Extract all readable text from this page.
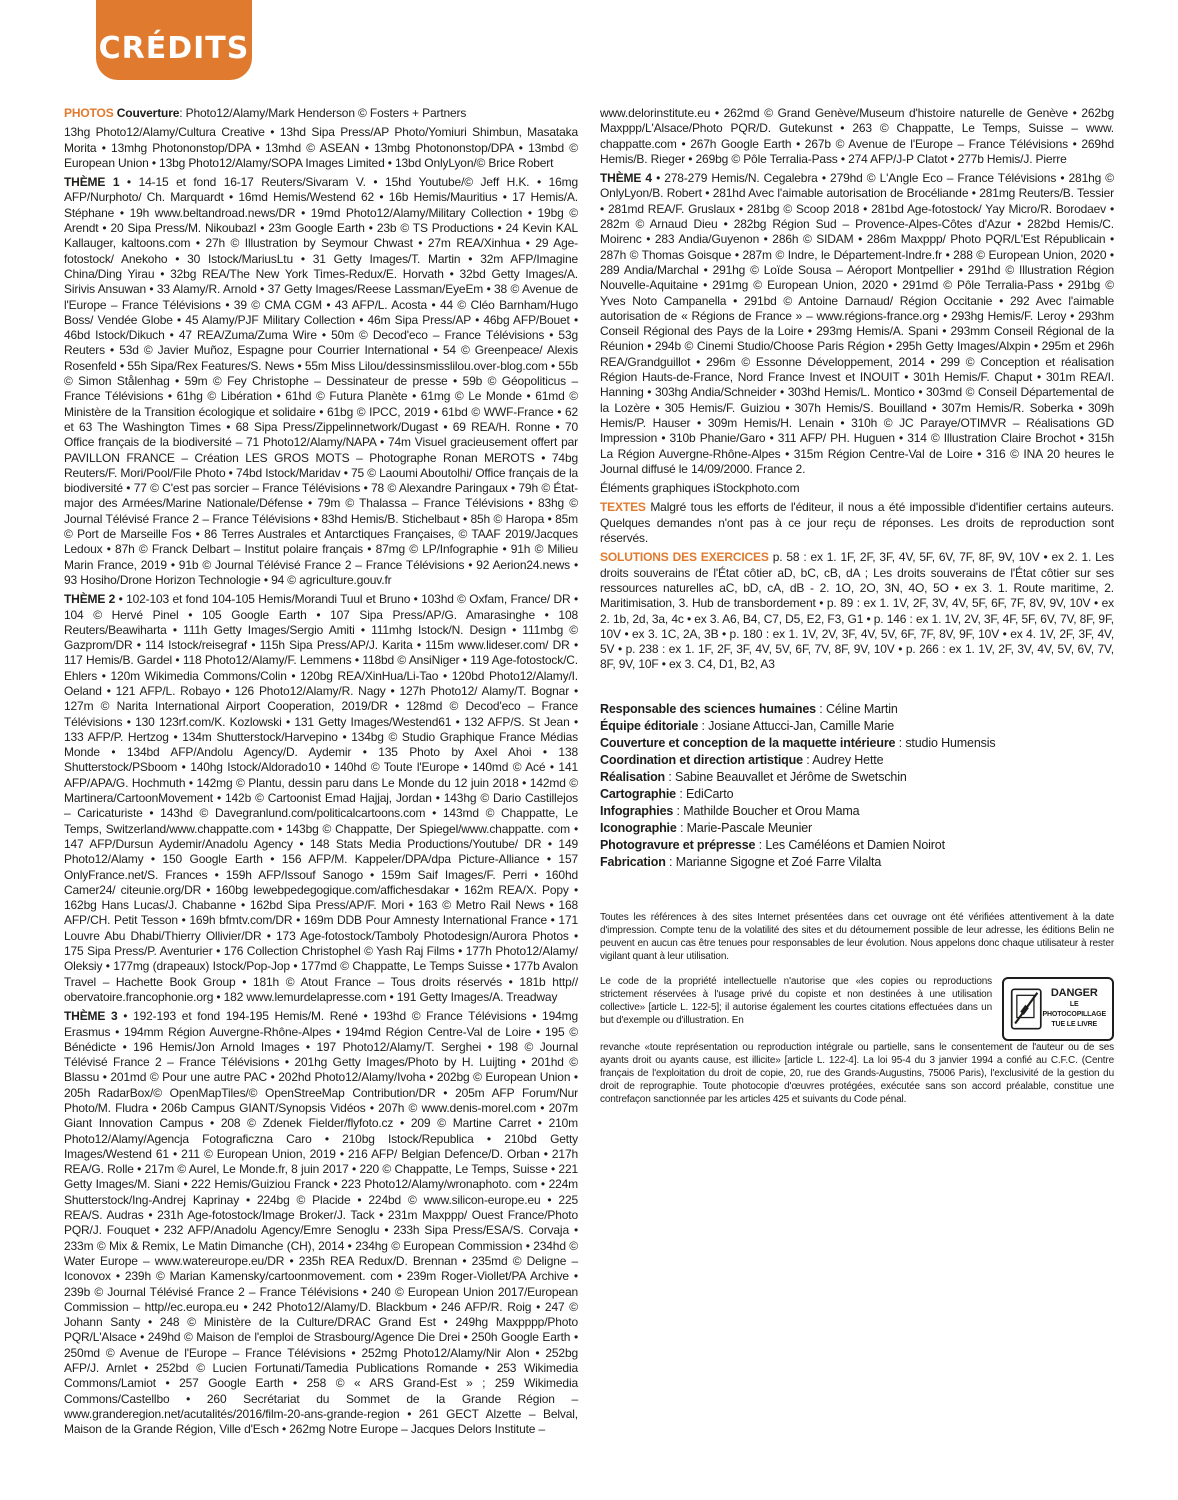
CRÉDITS

PHOTOS Couverture: Photo12/Alamy/Mark Henderson © Fosters + Partners

13hg Photo12/Alamy/Cultura Creative • 13hd Sipa Press/AP Photo/Yomiuri Shimbun, Masataka Morita • 13mhg Photononstop/DPA • 13mhd © ASEAN • 13mbg Photononstop/DPA • 13mbd © European Union • 13bg Photo12/Alamy/SOPA Images Limited • 13bd OnlyLyon/© Brice Robert

THÈME 1 • 14-15 et fond 16-17 Reuters/Sivaram V. • 15hd Youtube/© Jeff H.K. • 16mg AFP/Nurphoto/ Ch. Marquardt • 16md Hemis/Westend 62 • 16b Hemis/Mauritius • 17 Hemis/A. Stéphane • 19h www.beltandroad.news/DR • 19md Photo12/Alamy/Military Collection • 19bg © Arendt • 20 Sipa Press/M. Nikoubazl • 23m Google Earth • 23b © TS Productions • 24 Kevin KAL Kallauger, kaltoons.com • 27h © Illustration by Seymour Chwast • 27m REA/Xinhua • 29 Age-fotostock/ Anekoho • 30 Istock/MariusLtu • 31 Getty Images/T. Martin • 32m AFP/Imagine China/Ding Yirau • 32bg REA/The New York Times-Redux/E. Horvath • 32bd Getty Images/A. Sirivis Ansuwan • 33 Alamy/R. Arnold • 37 Getty Images/Reese Lassman/EyeEm • 38 © Avenue de l'Europe – France Télévisions • 39 © CMA CGM • 43 AFP/L. Acosta • 44 © Cléo Barnham/Hugo Boss/ Vendée Globe • 45 Alamy/PJF Military Collection • 46m Sipa Press/AP • 46bg AFP/Bouet • 46bd Istock/Dikuch • 47 REA/Zuma/Zuma Wire • 50m © Decod'eco – France Télévisions • 53g Reuters • 53d © Javier Muñoz, Espagne pour Courrier International • 54 © Greenpeace/ Alexis Rosenfeld • 55h Sipa/Rex Features/S. News • 55m Miss Lilou/dessinsmisslilou.over-blog.com • 55b © Simon Stålenhag • 59m © Fey Christophe – Dessinateur de presse • 59b © Géopoliticus – France Télévisions • 61hg © Libération • 61hd © Futura Planète • 61mg © Le Monde • 61md © Ministère de la Transition écologique et solidaire • 61bg © IPCC, 2019 • 61bd © WWF-France • 62 et 63 The Washington Times • 68 Sipa Press/Zippelinnetwork/Dugast • 69 REA/H. Ronne • 70 Office français de la biodiversité – 71 Photo12/Alamy/NAPA • 74m Visuel gracieusement offert par PAVILLON FRANCE – Création LES GROS MOTS – Photographe Ronan MEROTS • 74bg Reuters/F. Mori/Pool/File Photo • 74bd Istock/Maridav • 75 © Laoumi Aboutolhi/ Office français de la biodiversité • 77 © C'est pas sorcier – France Télévisions • 78 © Alexandre Paringaux • 79h © État-major des Armées/Marine Nationale/Défense • 79m © Thalassa – France Télévisions • 83hg © Journal Télévisé France 2 – France Télévisions • 83hd Hemis/B. Stichelbaut • 85h © Haropa • 85m © Port de Marseille Fos • 86 Terres Australes et Antarctiques Françaises, © TAAF 2019/Jacques Ledoux • 87h © Franck Delbart – Institut polaire français • 87mg © LP/Infographie • 91h © Milieu Marin France, 2019 • 91b © Journal Télévisé France 2 – France Télévisions • 92 Aerion24.news • 93 Hosiho/Drone Horizon Technologie • 94 © agriculture.gouv.fr

THÈME 2 • 102-103 et fond 104-105 Hemis/Morandi Tuul et Bruno • 103hd © Oxfam, France/ DR • 104 © Hervé Pinel • 105 Google Earth • 107 Sipa Press/AP/G. Amarasinghe • 108 Reuters/Beawiharta • 111h Getty Images/Sergio Amiti • 111mhg Istock/N. Design • 111mbg © Gazprom/DR • 114 Istock/reisegraf • 115h Sipa Press/AP/J. Karita • 115m www.lideser.com/ DR • 117 Hemis/B. Gardel • 118 Photo12/Alamy/F. Lemmens • 118bd © AnsiNiger • 119 Age-fotostock/C. Ehlers • 120m Wikimedia Commons/Colin • 120bg REA/XinHua/Li-Tao • 120bd Photo12/Alamy/I. Oeland • 121 AFP/L. Robayo • 126 Photo12/Alamy/R. Nagy • 127h Photo12/ Alamy/T. Bognar • 127m © Narita International Airport Cooperation, 2019/DR • 128md © Decod'eco – France Télévisions • 130 123rf.com/K. Kozlowski • 131 Getty Images/Westend61 • 132 AFP/S. St Jean • 133 AFP/P. Hertzog • 134m Shutterstock/Harvepino • 134bg © Studio Graphique France Médias Monde • 134bd AFP/Andolu Agency/D. Aydemir • 135 Photo by Axel Ahoi • 138 Shutterstock/PSboom • 140hg Istock/Aldorado10 • 140hd © Toute l'Europe • 140md © Acé • 141 AFP/APA/G. Hochmuth • 142mg © Plantu, dessin paru dans Le Monde du 12 juin 2018 • 142md © Martinera/CartoonMovement • 142b © Cartoonist Emad Hajjaj, Jordan • 143hg © Dario Castillejos – Caricaturiste • 143hd © Davegranlund.com/politicalcartoons.com • 143md © Chappatte, Le Temps, Switzerland/www.chappatte.com • 143bg © Chappatte, Der Spiegel/www.chappatte. com • 147 AFP/Dursun Aydemir/Anadolu Agency • 148 Stats Media Productions/Youtube/ DR • 149 Photo12/Alamy • 150 Google Earth • 156 AFP/M. Kappeler/DPA/dpa Picture-Alliance • 157 OnlyFrance.net/S. Frances • 159h AFP/Issouf Sanogo • 159m Saif Images/F. Perri • 160hd Camer24/ citeunie.org/DR • 160bg lewebpedegogique.com/affichesdakar • 162m REA/X. Popy • 162bg Hans Lucas/J. Chabanne • 162bd Sipa Press/AP/F. Mori • 163 © Metro Rail News • 168 AFP/CH. Petit Tesson • 169h bfmtv.com/DR • 169m DDB Pour Amnesty International France • 171 Louvre Abu Dhabi/Thierry Ollivier/DR • 173 Age-fotostock/Tamboly Photodesign/Aurora Photos • 175 Sipa Press/P. Aventurier • 176 Collection Christophel © Yash Raj Films • 177h Photo12/Alamy/ Oleksiy • 177mg (drapeaux) Istock/Pop-Jop • 177md © Chappatte, Le Temps Suisse • 177b Avalon Travel – Hachette Book Group • 181h © Atout France – Tous droits réservés • 181b http// obervatoire.francophonie.org • 182 www.lemurdelapresse.com • 191 Getty Images/A. Treadway

THÈME 3 • 192-193 et fond 194-195 Hemis/M. René • 193hd © France Télévisions • 194mg Erasmus • 194mm Région Auvergne-Rhône-Alpes • 194md Région Centre-Val de Loire • 195 © Bénédicte • 196 Hemis/Jon Arnold Images • 197 Photo12/Alamy/T. Serghei • 198 © Journal Télévisé France 2 – France Télévisions • 201hg Getty Images/Photo by H. Luijting • 201hd © Blassu • 201md © Pour une autre PAC • 202hd Photo12/Alamy/Ivoha • 202bg © European Union • 205h RadarBox/© OpenMapTiles/© OpenStreeMap Contribution/DR • 205m AFP Forum/Nur Photo/M. Fludra • 206b Campus GIANT/Synopsis Vidéos • 207h © www.denis-morel.com • 207m Giant Innovation Campus • 208 © Zdenek Fielder/flyfoto.cz • 209 © Martine Carret • 210m Photo12/Alamy/Agencja Fotograficzna Caro • 210bg Istock/Republica • 210bd Getty Images/Westend 61 • 211 © European Union, 2019 • 216 AFP/ Belgian Defence/D. Orban • 217h REA/G. Rolle • 217m © Aurel, Le Monde.fr, 8 juin 2017 • 220 © Chappatte, Le Temps, Suisse • 221 Getty Images/M. Siani • 222 Hemis/Guiziou Franck • 223 Photo12/Alamy/wronaphoto. com • 224m Shutterstock/Ing-Andrej Kaprinay • 224bg © Placide • 224bd © www.silicon-europe.eu • 225 REA/S. Audras • 231h Age-fotostock/Image Broker/J. Tack • 231m Maxppp/ Ouest France/Photo PQR/J. Fouquet • 232 AFP/Anadolu Agency/Emre Senoglu • 233h Sipa Press/ESA/S. Corvaja • 233m © Mix & Remix, Le Matin Dimanche (CH), 2014 • 234hg © European Commission • 234hd © Water Europe – www.watereurope.eu/DR • 235h REA Redux/D. Brennan • 235md © Deligne – Iconovox • 239h © Marian Kamensky/cartoonmovement. com • 239m Roger-Viollet/PA Archive • 239b © Journal Télévisé France 2 – France Télévisions • 240 © European Union 2017/European Commission – http//ec.europa.eu • 242 Photo12/Alamy/D. Blackbum • 246 AFP/R. Roig • 247 © Johann Santy • 248 © Ministère de la Culture/DRAC Grand Est • 249hg Maxpppp/Photo PQR/L'Alsace • 249hd © Maison de l'emploi de Strasbourg/Agence Die Drei • 250h Google Earth • 250md © Avenue de l'Europe – France Télévisions • 252mg Photo12/Alamy/Nir Alon • 252bg AFP/J. Arnlet • 252bd © Lucien Fortunati/Tamedia Publications Romande • 253 Wikimedia Commons/Lamiot • 257 Google Earth • 258 © « ARS Grand-Est » ; 259 Wikimedia Commons/Castellbo • 260 Secrétariat du Sommet de la Grande Région – www.granderegion.net/acutalités/2016/film-20-ans-grande-region • 261 GECT Alzette – Belval, Maison de la Grande Région, Ville d'Esch • 262mg Notre Europe – Jacques Delors Institute –

www.delorinstitute.eu • 262md © Grand Genève/Museum d'histoire naturelle de Genève • 262bg Maxppp/L'Alsace/Photo PQR/D. Gutekunst • 263 © Chappatte, Le Temps, Suisse – www. chappatte.com • 267h Google Earth • 267b © Avenue de l'Europe – France Télévisions • 269hd Hemis/B. Rieger • 269bg © Pôle Terralia-Pass • 274 AFP/J-P Clatot • 277b Hemis/J. Pierre

THÈME 4 • 278-279 Hemis/N. Cegalebra • 279hd © L'Angle Eco – France Télévisions • 281hg © OnlyLyon/B. Robert • 281hd Avec l'aimable autorisation de Brocéliande • 281mg Reuters/B. Tessier • 281md REA/F. Gruslaux • 281bg © Scoop 2018 • 281bd Age-fotostock/ Yay Micro/R. Borodaev • 282m © Arnaud Dieu • 282bg Région Sud – Provence-Alpes-Côtes d'Azur • 282bd Hemis/C. Moirenc • 283 Andia/Guyenon • 286h © SIDAM • 286m Maxppp/ Photo PQR/L'Est Républicain • 287h © Thomas Goisque • 287m © Indre, le Département-Indre.fr • 288 © European Union, 2020 • 289 Andia/Marchal • 291hg © Loïde Sousa – Aéroport Montpellier • 291hd © Illustration Région Nouvelle-Aquitaine • 291mg © European Union, 2020 • 291md © Pôle Terralia-Pass • 291bg © Yves Noto Campanella • 291bd © Antoine Darnaud/ Région Occitanie • 292 Avec l'aimable autorisation de « Régions de France » – www.régions-france.org • 293hg Hemis/F. Leroy • 293hm Conseil Régional des Pays de la Loire • 293mg Hemis/A. Spani • 293mm Conseil Régional de la Réunion • 294b © Cinemi Studio/Choose Paris Région • 295h Getty Images/Alxpin • 295m et 296h REA/Grandguillot • 296m © Essonne Développement, 2014 • 299 © Conception et réalisation Région Hauts-de-France, Nord France Invest et INOUIT • 301h Hemis/F. Chaput • 301m REA/I. Hanning • 303hg Andia/Schneider • 303hd Hemis/L. Montico • 303md © Conseil Départemental de la Lozère • 305 Hemis/F. Guiziou • 307h Hemis/S. Bouilland • 307m Hemis/R. Soberka • 309h Hemis/P. Hauser • 309m Hemis/H. Lenain • 310h © JC Paraye/OTIMVR – Réalisations GD Impression • 310b Phanie/Garo • 311 AFP/ PH. Huguen • 314 © Illustration Claire Brochot • 315h La Région Auvergne-Rhône-Alpes • 315m Région Centre-Val de Loire • 316 © INA 20 heures le Journal diffusé le 14/09/2000. France 2.

Éléments graphiques iStockphoto.com

TEXTES Malgré tous les efforts de l'éditeur, il nous a été impossible d'identifier certains auteurs. Quelques demandes n'ont pas à ce jour reçu de réponses. Les droits de reproduction sont réservés.

SOLUTIONS DES EXERCICES p. 58 : ex 1. 1F, 2F, 3F, 4V, 5F, 6V, 7F, 8F, 9V, 10V • ex 2. 1. Les droits souverains de l'État côtier aD, bC, cB, dA ; Les droits souverains de l'État côtier sur ses ressources naturelles aC, bD, cA, dB - 2. 1O, 2O, 3N, 4O, 5O • ex 3. 1. Route maritime, 2. Maritimisation, 3. Hub de transbordement • p. 89 : ex 1. 1V, 2F, 3V, 4V, 5F, 6F, 7F, 8V, 9V, 10V • ex 2. 1b, 2d, 3a, 4c • ex 3. A6, B4, C7, D5, E2, F3, G1 • p. 146 : ex 1. 1V, 2V, 3F, 4F, 5F, 6V, 7V, 8F, 9F, 10V • ex 3. 1C, 2A, 3B • p. 180 : ex 1. 1V, 2V, 3F, 4V, 5V, 6F, 7F, 8V, 9F, 10V • ex 4. 1V, 2F, 3F, 4V, 5V • p. 238 : ex 1. 1F, 2F, 3F, 4V, 5V, 6F, 7V, 8F, 9V, 10V • p. 266 : ex 1. 1V, 2F, 3V, 4V, 5V, 6V, 7V, 8F, 9V, 10F • ex 3. C4, D1, B2, A3

Responsable des sciences humaines : Céline Martin
Équipe éditoriale : Josiane Attucci-Jan, Camille Marie
Couverture et conception de la maquette intérieure : studio Humensis
Coordination et direction artistique : Audrey Hette
Réalisation : Sabine Beauvallet et Jérôme de Swetschin
Cartographie : EdiCarto
Infographies : Mathilde Boucher et Orou Mama
Iconographie : Marie-Pascale Meunier
Photogravure et prépresse : Les Caméléons et Damien Noirot
Fabrication : Marianne Sigogne et Zoé Farre Vilalta
Toutes les références à des sites Internet présentées dans cet ouvrage ont été vérifiées attentivement à la date d'impression. Compte tenu de la volatilité des sites et du détournement possible de leur adresse, les éditions Belin ne peuvent en aucun cas être tenues pour responsables de leur évolution. Nous appelons donc chaque utilisateur à rester vigilant quant à leur utilisation.
Le code de la propriété intellectuelle n'autorise que «les copies ou reproductions strictement réservées à l'usage privé du copiste et non destinées à une utilisation collective» [article L. 122-5]; il autorise également les courtes citations effectuées dans un but d'exemple ou d'illustration. En
DANGER
LE
PHOTOCOPILLAGE
TUE LE LIVRE
revanche «toute représentation ou reproduction intégrale ou partielle, sans le consentement de l'auteur ou de ses ayants droit ou ayants cause, est illicite» [article L. 122-4]. La loi 95-4 du 3 janvier 1994 a confié au C.F.C. (Centre français de l'exploitation du droit de copie, 20, rue des Grands-Augustins, 75006 Paris), l'exclusivité de la gestion du droit de reprographie. Toute photocopie d'œuvres protégées, exécutée sans son accord préalable, constitue une contrefaçon sanctionnée par les articles 425 et suivants du Code pénal.
